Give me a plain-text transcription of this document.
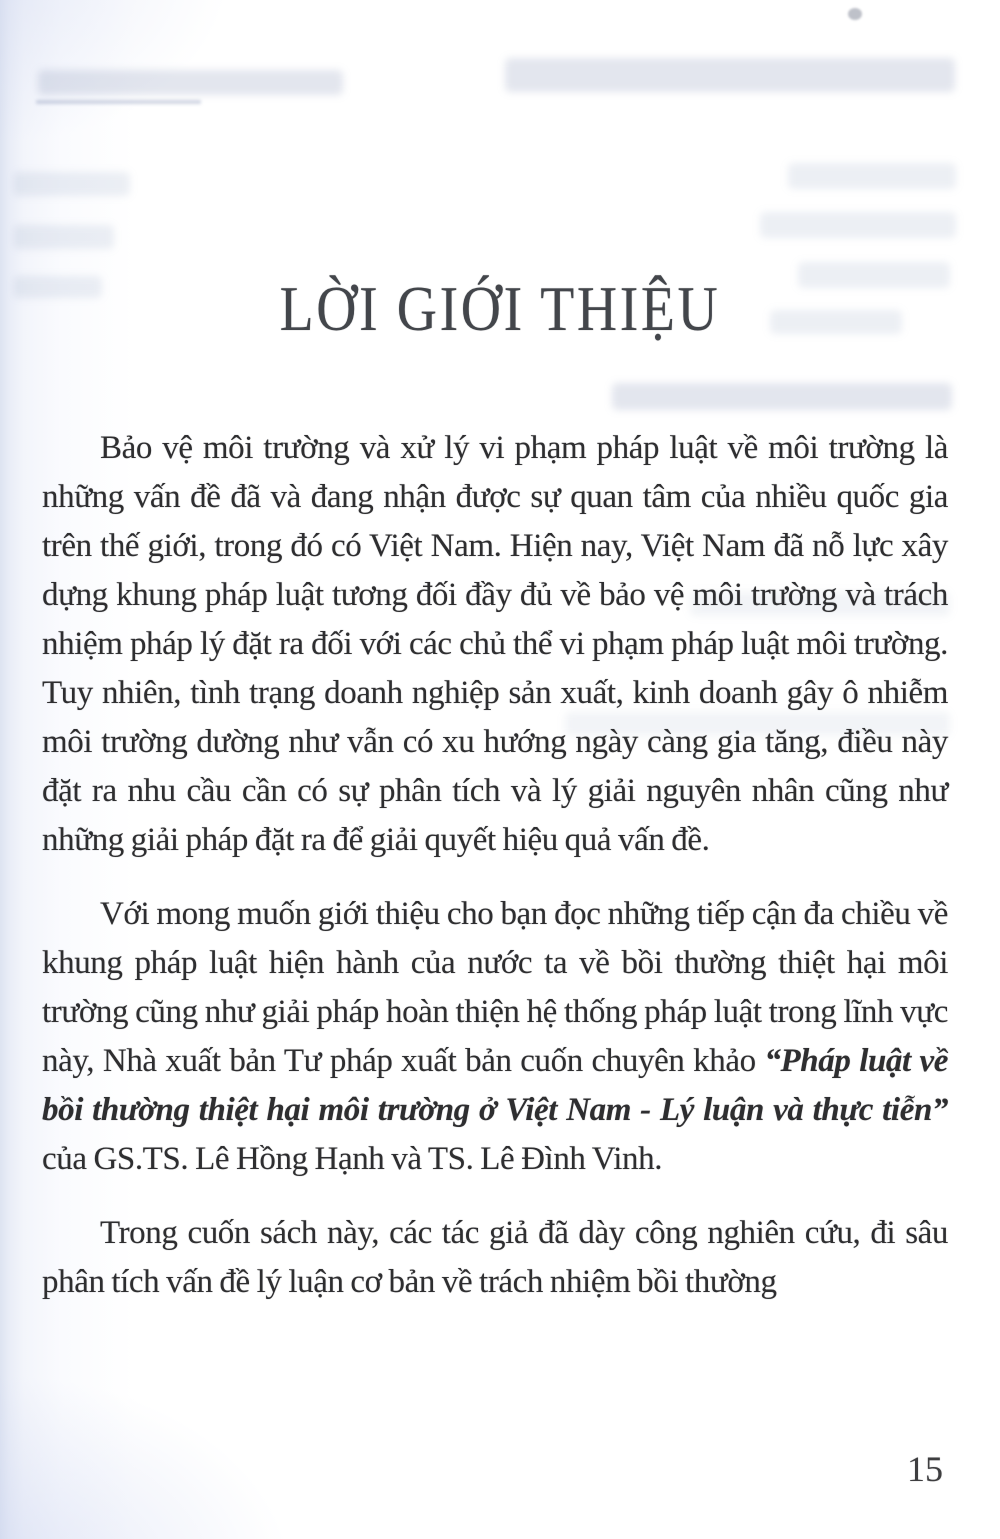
LỜI GIỚI THIỆU

Bảo vệ môi trường và xử lý vi phạm pháp luật về môi trường là những vấn đề đã và đang nhận được sự quan tâm của nhiều quốc gia trên thế giới, trong đó có Việt Nam. Hiện nay, Việt Nam đã nỗ lực xây dựng khung pháp luật tương đối đầy đủ về bảo vệ môi trường và trách nhiệm pháp lý đặt ra đối với các chủ thể vi phạm pháp luật môi trường. Tuy nhiên, tình trạng doanh nghiệp sản xuất, kinh doanh gây ô nhiễm môi trường dường như vẫn có xu hướng ngày càng gia tăng, điều này đặt ra nhu cầu cần có sự phân tích và lý giải nguyên nhân cũng như những giải pháp đặt ra để giải quyết hiệu quả vấn đề.

Với mong muốn giới thiệu cho bạn đọc những tiếp cận đa chiều về khung pháp luật hiện hành của nước ta về bồi thường thiệt hại môi trường cũng như giải pháp hoàn thiện hệ thống pháp luật trong lĩnh vực này, Nhà xuất bản Tư pháp xuất bản cuốn chuyên khảo “Pháp luật về bồi thường thiệt hại môi trường ở Việt Nam - Lý luận và thực tiễn” của GS.TS. Lê Hồng Hạnh và TS. Lê Đình Vinh.

Trong cuốn sách này, các tác giả đã dày công nghiên cứu, đi sâu phân tích vấn đề lý luận cơ bản về trách nhiệm bồi thường

15
